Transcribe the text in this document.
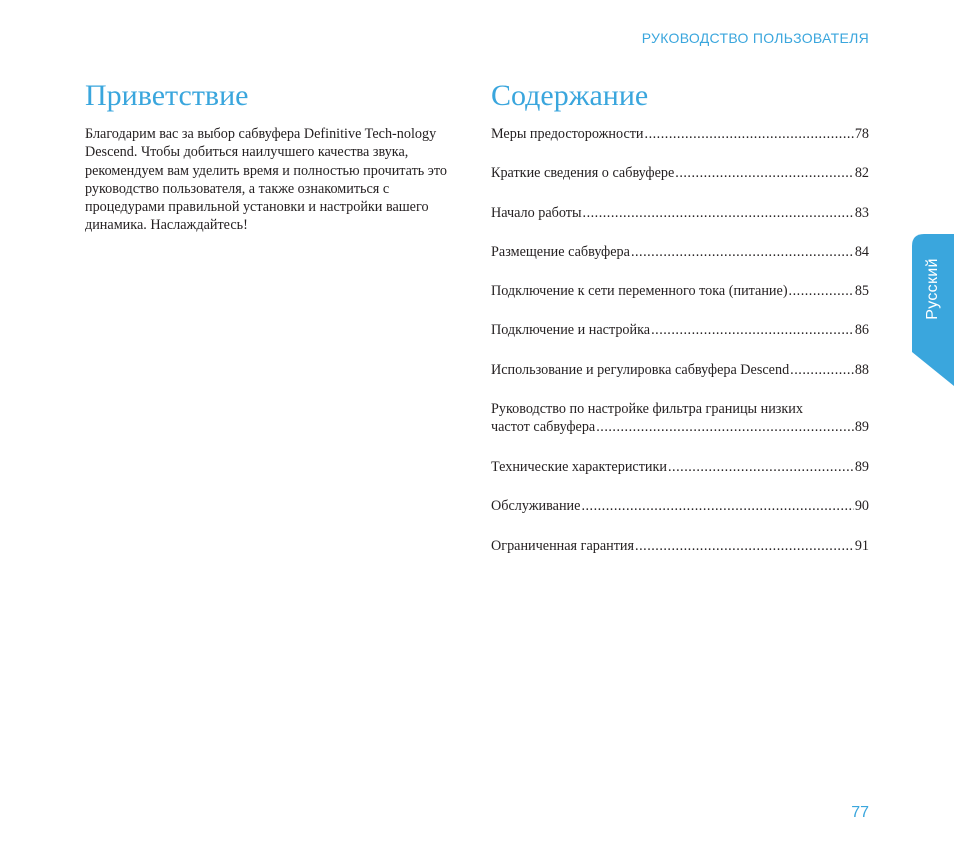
РУКОВОДСТВО ПОЛЬЗОВАТЕЛЯ
Приветствие

Благодарим вас за выбор сабвуфера Definitive Tech-nology Descend. Чтобы добиться наилучшего качества звука, рекомендуем вам уделить время и полностью прочитать это руководство пользователя, а также ознакомиться с процедурами правильной установки и настройки вашего динамика. Наслаждайтесь!

Содержание
Меры предосторожности .....	78
Краткие сведения о сабвуфере .....	82
Начало работы .....	83
Размещение сабвуфера .....	84
Подключение к сети переменного тока (питание) .....	85
Подключение и настройка .....	86
Использование и регулировка сабвуфера Descend .....	88
Руководство по настройке фильтра границы низких
частот сабвуфера .....	89
Технические характеристики .....	89
Обслуживание .....	90
Ограниченная гарантия .....	91
Русский
77
